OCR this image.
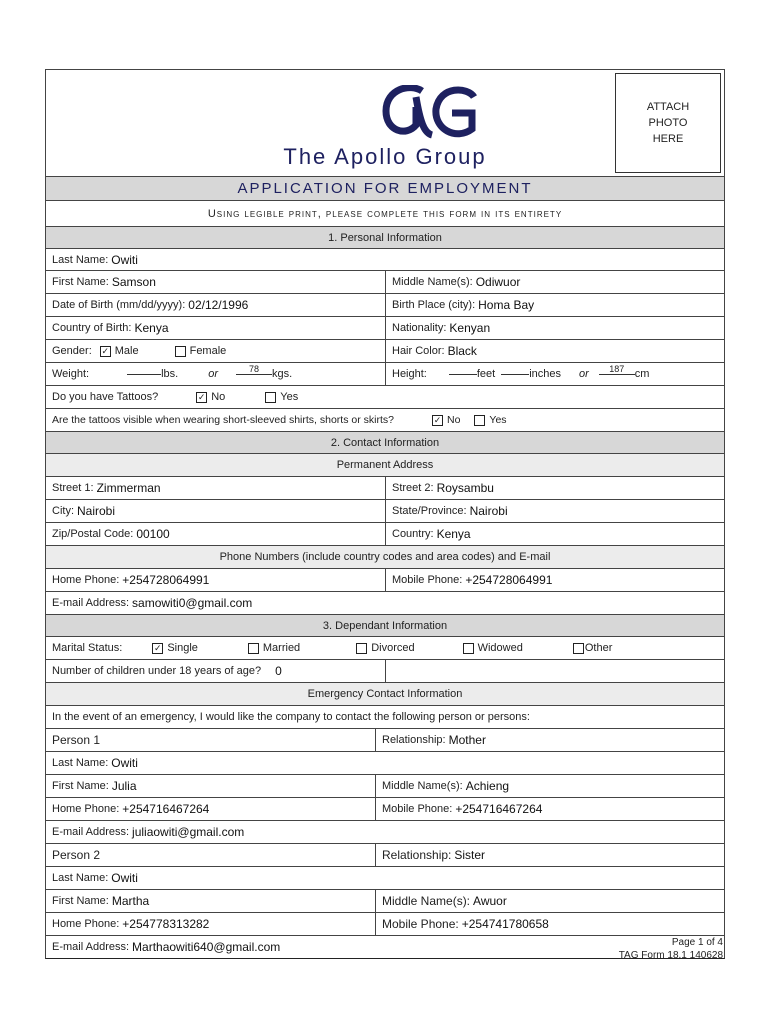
The Apollo Group
ATTACH
PHOTO
HERE
APPLICATION FOR EMPLOYMENT
Using legible print, please complete this form in its entirety
1. Personal Information
Last Name: Owiti
First Name: Samson	Middle Name(s): Odiwuor
Date of Birth (mm/dd/yyyy): 02/12/1996	Birth Place (city): Homa Bay
Country of Birth: Kenya	Nationality: Kenyan
Gender: ✓ Male	Female	Hair Color: Black
Weight:	lbs.	or	78	kgs.	Height:	feet	inches or	187 cm
Do you have Tattoos?	✓ No	Yes
Are the tattoos visible when wearing short-sleeved shirts, shorts or skirts?	✓ No	Yes
2. Contact Information
Permanent Address
Street 1: Zimmerman	Street 2: Roysambu
City: Nairobi	State/Province: Nairobi
Zip/Postal Code: 00100	Country: Kenya
Phone Numbers (include country codes and area codes) and E-mail
Home Phone: +254728064991	Mobile Phone: +254728064991
E-mail Address: samowiti0@gmail.com
3. Dependant Information
Marital Status:	✓ Single	Married	Divorced	Widowed	Other
Number of children under 18 years of age? 0
Emergency Contact Information
In the event of an emergency, I would like the company to contact the following person or persons:
Person 1	Relationship: Mother
Last Name: Owiti
First Name: Julia	Middle Name(s): Achieng
Home Phone: +254716467264	Mobile Phone: +254716467264
E-mail Address: juliaowiti@gmail.com
Person 2	Relationship: Sister
Last Name: Owiti
First Name: Martha	Middle Name(s): Awuor
Home Phone: +254778313282	Mobile Phone: +254741780658
E-mail Address: Marthaowiti640@gmail.com	Page 1 of 4
TAG Form 18.1 140628
